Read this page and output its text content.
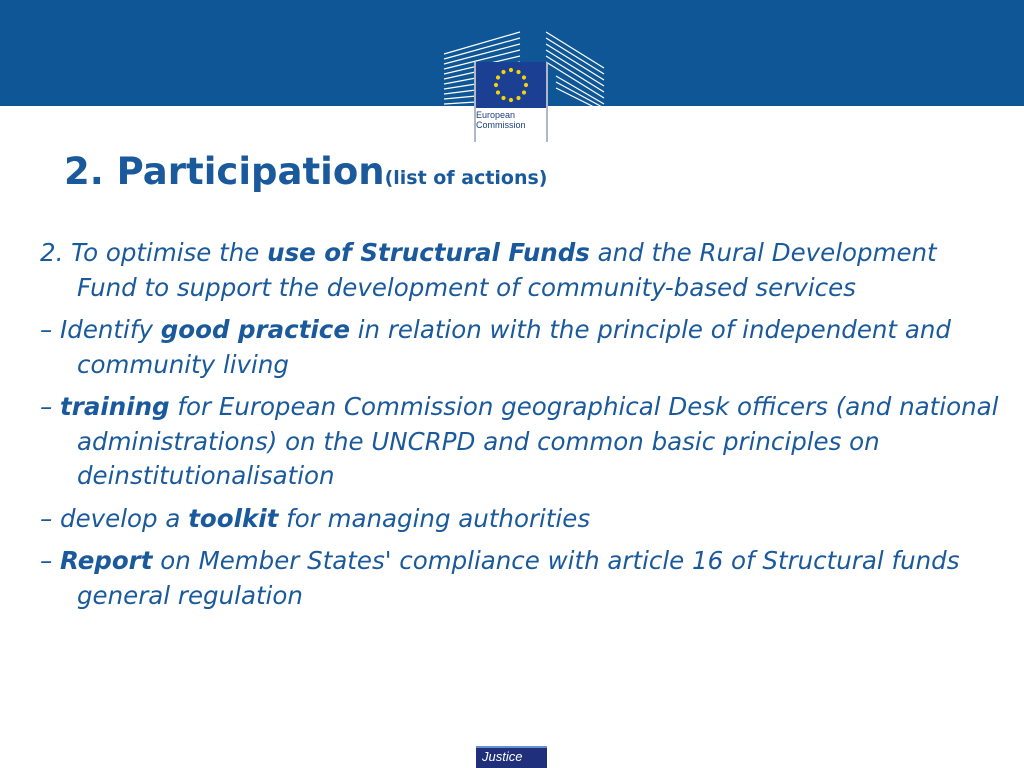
European
Commission
2. Participation(list of actions)
2. To optimise the use of Structural Funds and the Rural Development Fund to support the development of community-based services
– Identify good practice in relation with the principle of independent and community living
– training for European Commission geographical Desk officers (and national administrations) on the UNCRPD and common basic principles on deinstitutionalisation
– develop a toolkit for managing authorities
– Report on Member States' compliance with article 16 of Structural funds general regulation
Justice
